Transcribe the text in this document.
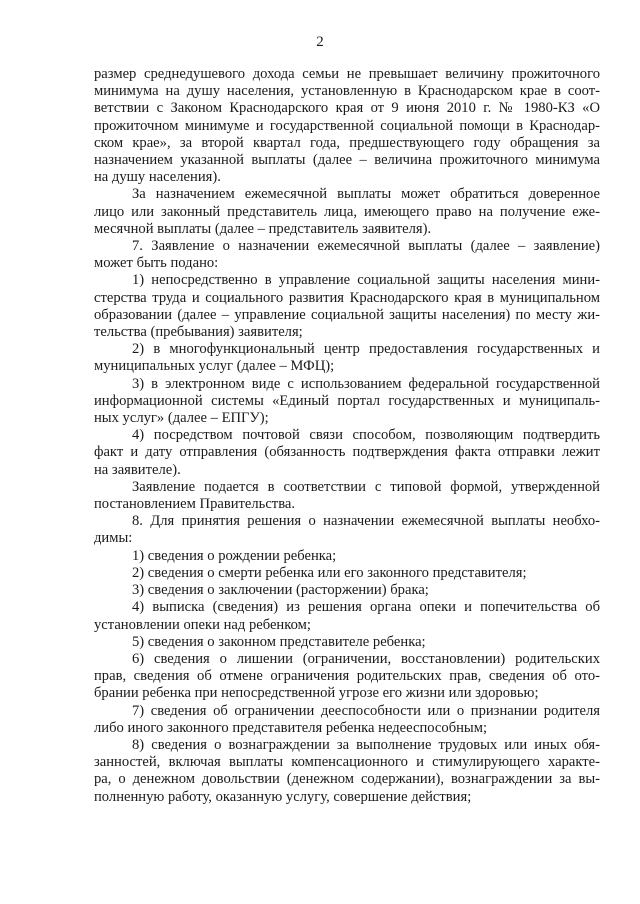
2
размер среднедушевого дохода семьи не превышает величину прожиточного
минимума на душу населения, установленную в Краснодарском крае в соот-
ветствии с Законом Краснодарского края от 9 июня 2010 г. № 1980-КЗ «О
прожиточном минимуме и государственной социальной помощи в Краснодар-
ском крае», за второй квартал года, предшествующего году обращения за
назначением указанной выплаты (далее – величина прожиточного минимума
на душу населения).
За назначением ежемесячной выплаты может обратиться доверенное
лицо или законный представитель лица, имеющего право на получение еже-
месячной выплаты (далее – представитель заявителя).
7. Заявление о назначении ежемесячной выплаты (далее – заявление)
может быть подано:
1) непосредственно в управление социальной защиты населения мини-
стерства труда и социального развития Краснодарского края в муниципальном
образовании (далее – управление социальной защиты населения) по месту жи-
тельства (пребывания) заявителя;
2) в многофункциональный центр предоставления государственных и
муниципальных услуг (далее – МФЦ);
3) в электронном виде с использованием федеральной государственной
информационной системы «Единый портал государственных и муниципаль-
ных услуг» (далее – ЕПГУ);
4) посредством почтовой связи способом, позволяющим подтвердить
факт и дату отправления (обязанность подтверждения факта отправки лежит
на заявителе).
Заявление подается в соответствии с типовой формой, утвержденной
постановлением Правительства.
8. Для принятия решения о назначении ежемесячной выплаты необхо-
димы:
1) сведения о рождении ребенка;
2) сведения о смерти ребенка или его законного представителя;
3) сведения о заключении (расторжении) брака;
4) выписка (сведения) из решения органа опеки и попечительства об
установлении опеки над ребенком;
5) сведения о законном представителе ребенка;
6) сведения о лишении (ограничении, восстановлении) родительских
прав, сведения об отмене ограничения родительских прав, сведения об ото-
брании ребенка при непосредственной угрозе его жизни или здоровью;
7) сведения об ограничении дееспособности или о признании родителя
либо иного законного представителя ребенка недееспособным;
8) сведения о вознаграждении за выполнение трудовых или иных обя-
занностей, включая выплаты компенсационного и стимулирующего характе-
ра, о денежном довольствии (денежном содержании), вознаграждении за вы-
полненную работу, оказанную услугу, совершение действия;
